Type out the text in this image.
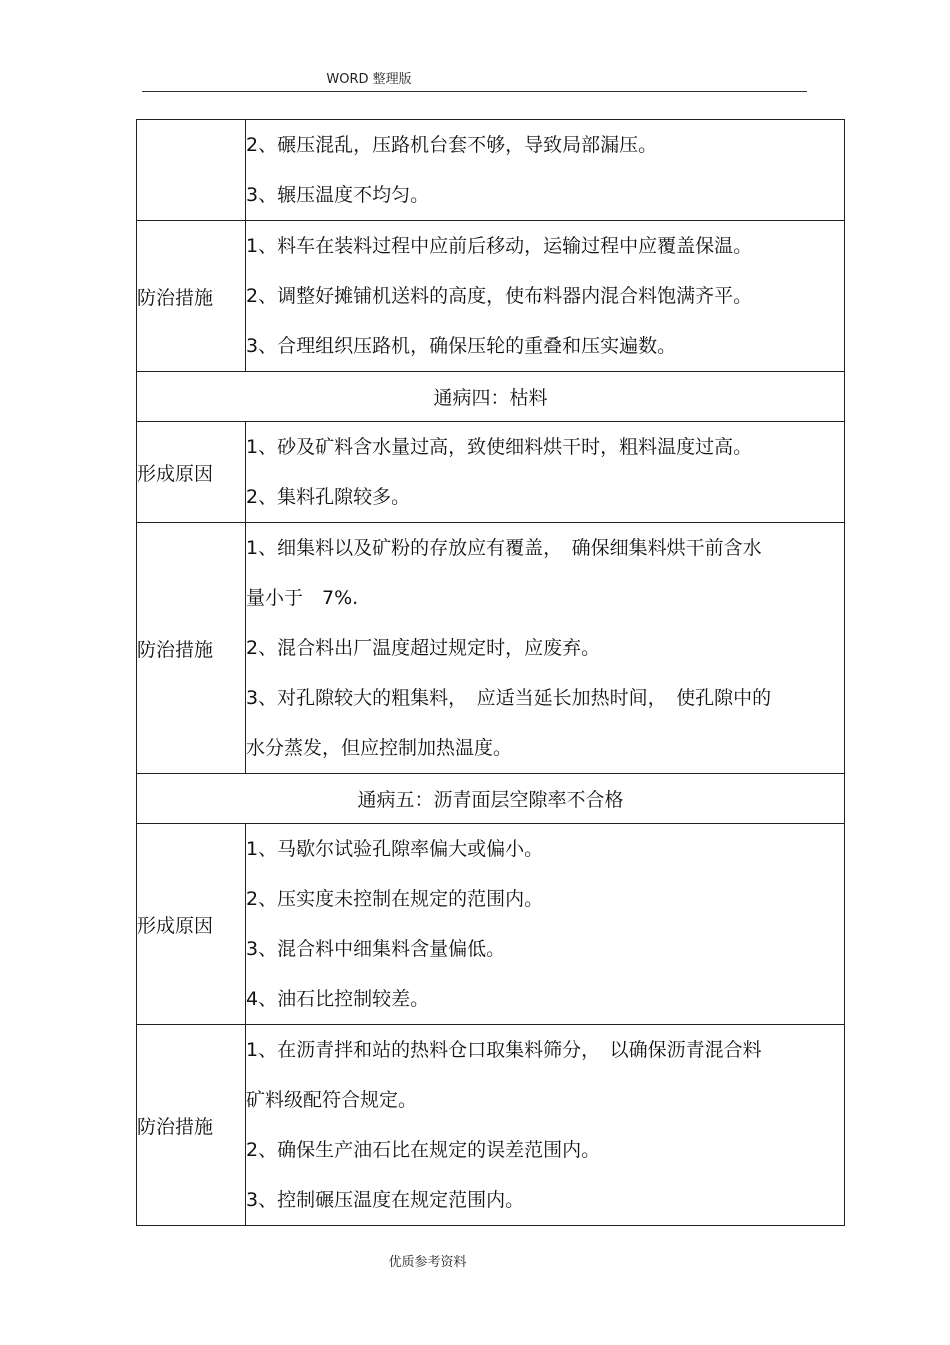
WORD 整理版

	2、碾压混乱，压路机台套不够，导致局部漏压。
3、辗压温度不均匀。

防治措施	1、料车在装料过程中应前后移动，运输过程中应覆盖保温。
2、调整好摊铺机送料的高度，使布料器内混合料饱满齐平。
3、合理组织压路机，确保压轮的重叠和压实遍数。

通病四：枯料	
形成原因	1、砂及矿料含水量过高，致使细料烘干时，粗料温度过高。
2、集料孔隙较多。

防治措施	1、细集料以及矿粉的存放应有覆盖，　确保细集料烘干前含水
量小于　7%.
2、混合料出厂温度超过规定时，应废弃。
3、对孔隙较大的粗集料，　应适当延长加热时间，　使孔隙中的
水分蒸发，但应控制加热温度。

通病五：沥青面层空隙率不合格	
形成原因	1、马歇尔试验孔隙率偏大或偏小。
2、压实度未控制在规定的范围内。
3、混合料中细集料含量偏低。
4、油石比控制较差。

防治措施	1、在沥青拌和站的热料仓口取集料筛分，　以确保沥青混合料
矿料级配符合规定。
2、确保生产油石比在规定的误差范围内。
3、控制碾压温度在规定范围内。
优质参考资料
